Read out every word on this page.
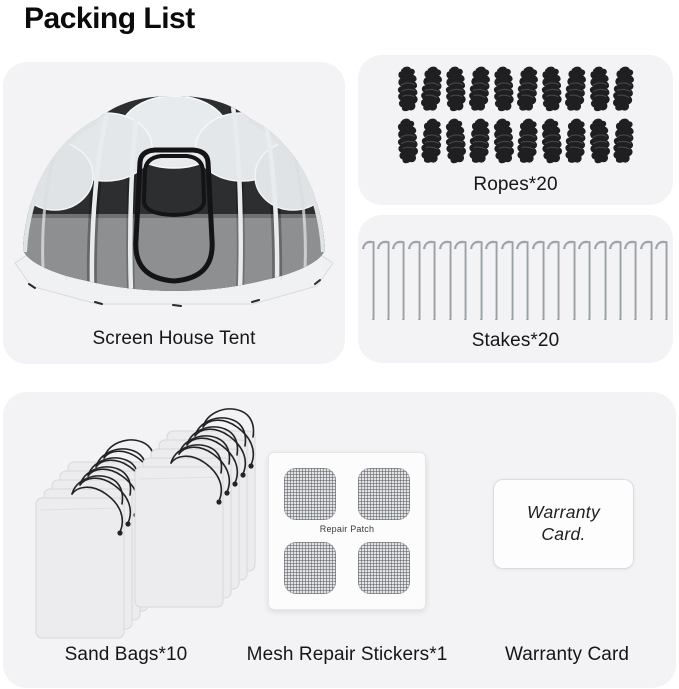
Packing List
Screen House Tent
Ropes*20
Stakes*20
Repair Patch
Warranty
Card.
Sand Bags*10	Mesh Repair Stickers*1	Warranty Card
